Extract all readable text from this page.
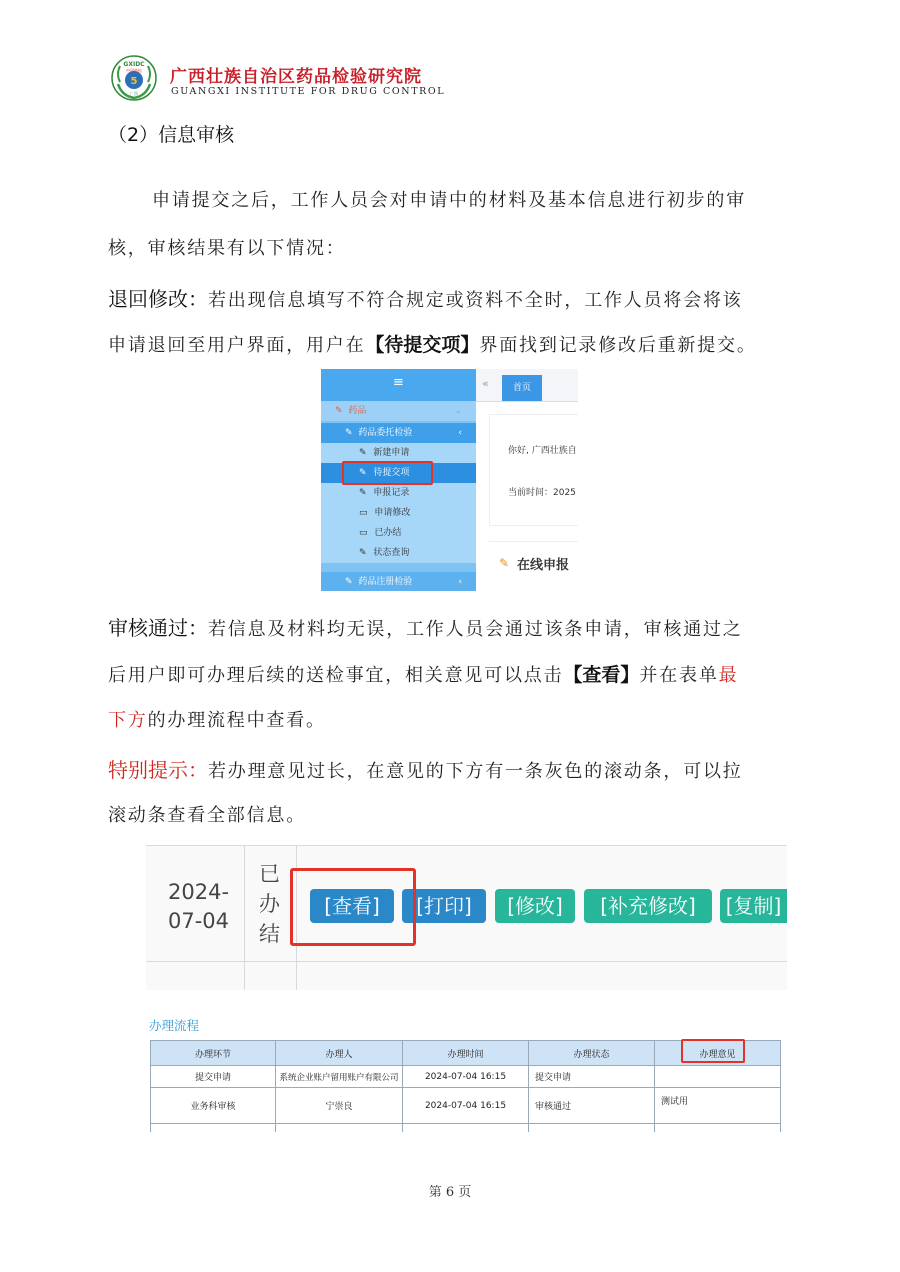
5
GXIDC
中国药检
广西
广西壮族自治区药品检验研究院
GUANGXI INSTITUTE FOR DRUG CONTROL
（2）信息审核
申请提交之后，工作人员会对申请中的材料及基本信息进行初步的审
核，审核结果有以下情况：
退回修改：若出现信息填写不符合规定或资料不全时，工作人员将会将该
申请退回至用户界面，用户在【待提交项】界面找到记录修改后重新提交。
≡
✎ 药品	⌄
✎ 药品委托检验	‹
✎ 新建申请
✎ 待提交项
✎ 申报记录
▭ 申请修改
▭ 已办结
✎ 状态查询
✎ 药品注册检验	‹
«	首页
你好, 广西壮族自
当前时间：2025
✎ 在线申报
审核通过：若信息及材料均无误，工作人员会通过该条申请，审核通过之
后用户即可办理后续的送检事宜，相关意见可以点击【查看】并在表单最
下方的办理流程中查看。
特别提示：若办理意见过长，在意见的下方有一条灰色的滚动条，可以拉
滚动条查看全部信息。
2024-
07-04
已
办
结
[查看]	[打印]	[修改]	[补充修改]	[复制]
办理流程
办理环节	办理人	办理时间	办理状态	办理意见
提交申请	系统企业账户留用账户有限公司	2024-07-04 16:15	提交申请	
业务科审核	宁崇良	2024-07-04 16:15	审核通过	测试用

第 6 页
